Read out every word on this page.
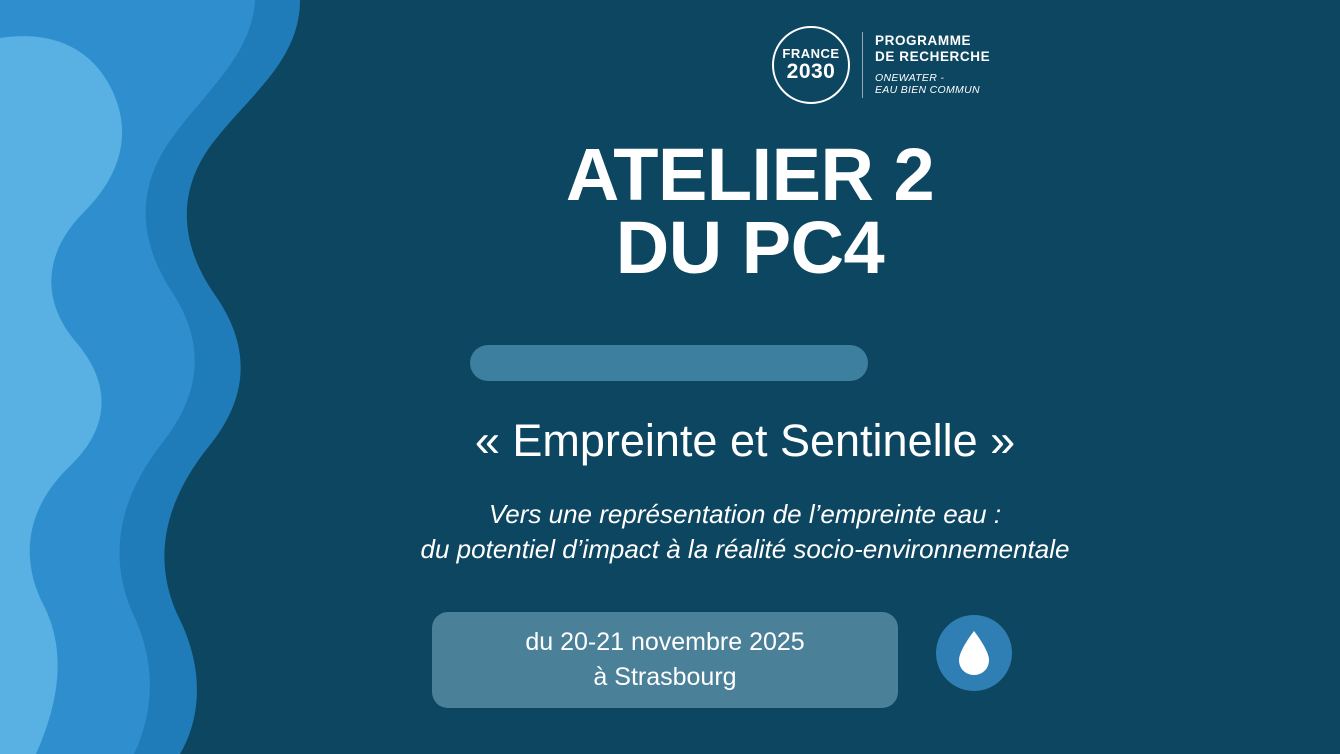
FRANCE
2030
PROGRAMME
DE RECHERCHE
ONEWATER -
EAU BIEN COMMUN
ATELIER 2
DU PC4
« Empreinte et Sentinelle »
Vers une représentation de l’empreinte eau :
du potentiel d’impact à la réalité socio-environnementale
du 20-21 novembre 2025
à Strasbourg
